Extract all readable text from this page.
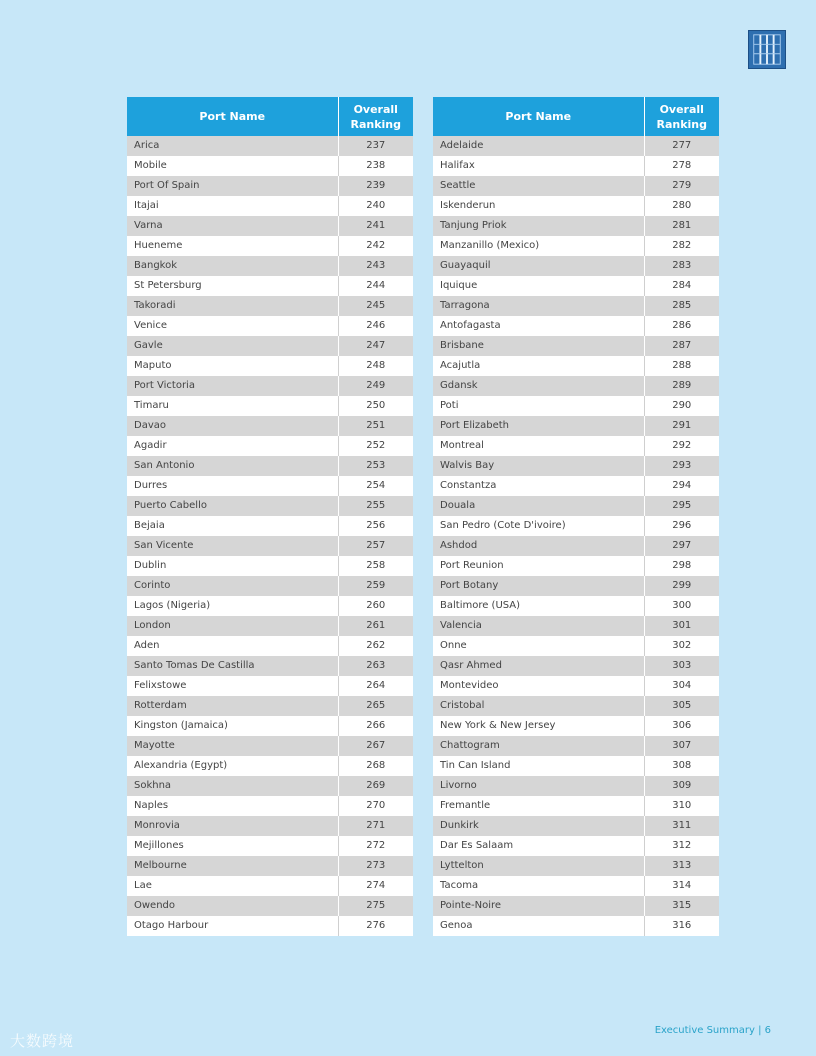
Port Name	Overall
Ranking
Arica	237
Mobile	238
Port Of Spain	239
Itajai	240
Varna	241
Hueneme	242
Bangkok	243
St Petersburg	244
Takoradi	245
Venice	246
Gavle	247
Maputo	248
Port Victoria	249
Timaru	250
Davao	251
Agadir	252
San Antonio	253
Durres	254
Puerto Cabello	255
Bejaia	256
San Vicente	257
Dublin	258
Corinto	259
Lagos (Nigeria)	260
London	261
Aden	262
Santo Tomas De Castilla	263
Felixstowe	264
Rotterdam	265
Kingston (Jamaica)	266
Mayotte	267
Alexandria (Egypt)	268
Sokhna	269
Naples	270
Monrovia	271
Mejillones	272
Melbourne	273
Lae	274
Owendo	275
Otago Harbour	276
Port Name	Overall
Ranking
Adelaide	277
Halifax	278
Seattle	279
Iskenderun	280
Tanjung Priok	281
Manzanillo (Mexico)	282
Guayaquil	283
Iquique	284
Tarragona	285
Antofagasta	286
Brisbane	287
Acajutla	288
Gdansk	289
Poti	290
Port Elizabeth	291
Montreal	292
Walvis Bay	293
Constantza	294
Douala	295
San Pedro (Cote D'ivoire)	296
Ashdod	297
Port Reunion	298
Port Botany	299
Baltimore (USA)	300
Valencia	301
Onne	302
Qasr Ahmed	303
Montevideo	304
Cristobal	305
New York & New Jersey	306
Chattogram	307
Tin Can Island	308
Livorno	309
Fremantle	310
Dunkirk	311
Dar Es Salaam	312
Lyttelton	313
Tacoma	314
Pointe-Noire	315
Genoa	316
Executive Summary | 6
大数跨境
